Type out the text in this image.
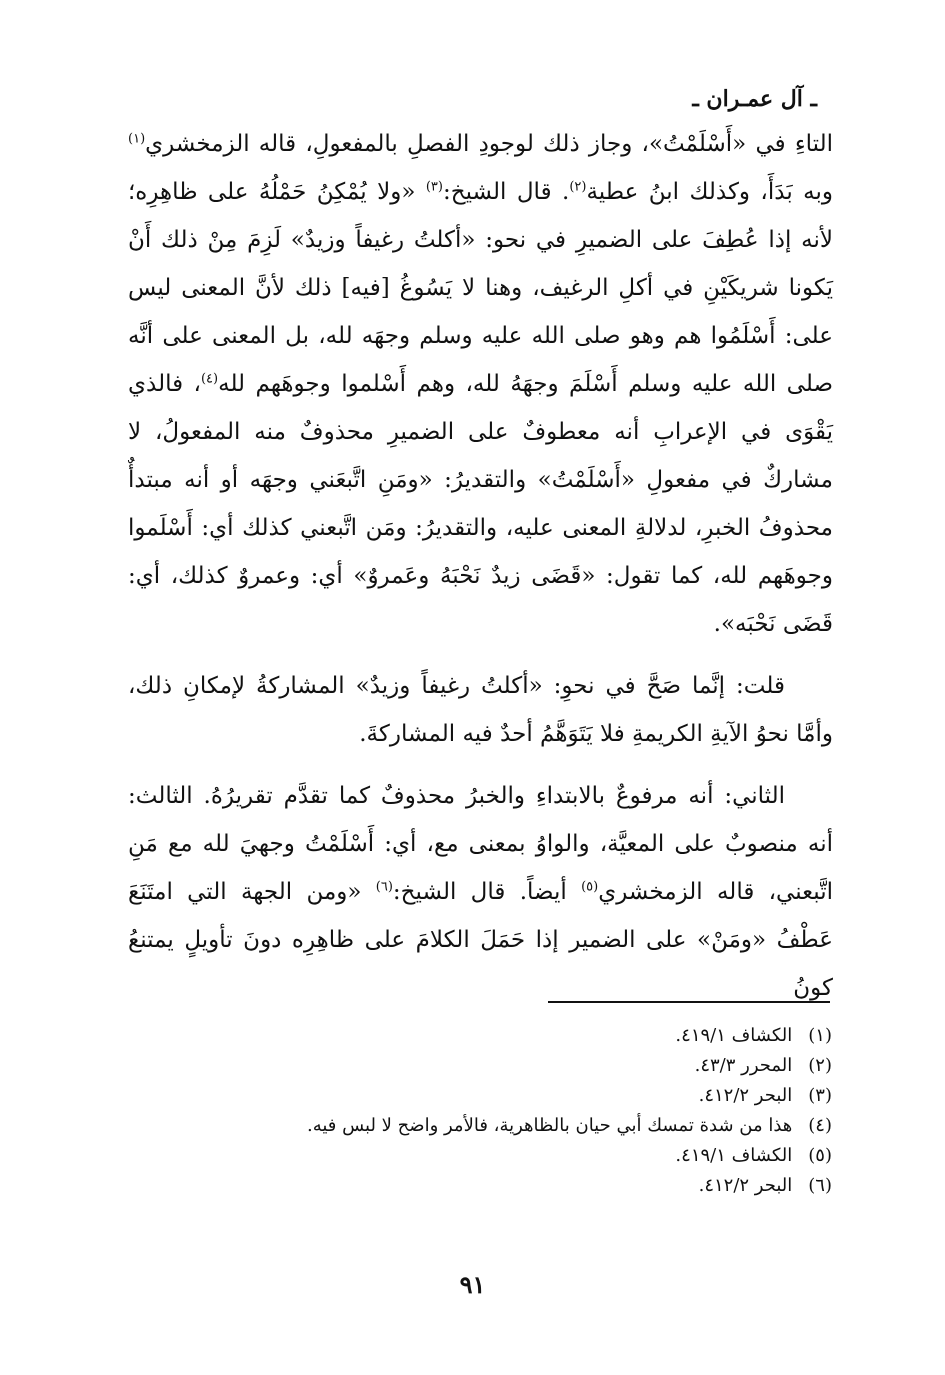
ـ آل عمـران ـ

التاءِ في «أَسْلَمْتُ»، وجاز ذلك لوجودِ الفصلِ بالمفعولِ، قاله الزمخشري$^{(١)}$ وبه بَدَأَ، وكذلك ابنُ عطية$^{(٢)}$. قال الشيخ:$^{(٣)}$ «ولا يُمْكِنُ حَمْلُهُ على ظاهِرِه؛ لأنه إذا عُطِفَ على الضميرِ في نحو: «أكلتُ رغيفاً وزيدٌ» لَزِمَ مِنْ ذلك أَنْ يَكونا شريكَيْنِ في أكلِ الرغيف، وهنا لا يَسُوغُ [فيه] ذلك لأنَّ المعنى ليس على: أَسْلَمُوا هم وهو صلى الله عليه وسلم وجهَه لله، بل المعنى على أنَّه صلى الله عليه وسلم أَسْلَمَ وجهَهُ لله، وهم أَسْلموا وجوهَهم لله$^{(٤)}$، فالذي يَقْوَى في الإعرابِ أنه معطوفٌ على الضميرِ محذوفٌ منه المفعولُ، لا مشاركٌ في مفعولِ «أَسْلَمْتُ» والتقديرُ: «ومَنِ اتَّبعَني وجهَه أو أنه مبتدأٌ محذوفُ الخبرِ، لدلالةِ المعنى عليه، والتقديرُ: ومَن اتَّبعني كذلك أي: أَسْلَموا وجوهَهم لله، كما تقول: «قَضَى زيدٌ نَحْبَهُ وعَمروٌ» أي: وعمروٌ كذلك، أي: قَضَى نَحْبَه».

قلت: إنَّما صَحَّ في نحوِ: «أكلتُ رغيفاً وزيدٌ» المشاركةُ لإمكانِ ذلك، وأمَّا نحوُ الآيةِ الكريمةِ فلا يَتَوَهَّمُ أحدٌ فيه المشاركةَ.

الثاني: أنه مرفوعٌ بالابتداءِ والخبرُ محذوفٌ كما تقدَّم تقريرُهُ. الثالث: أنه منصوبٌ على المعيَّة، والواوُ بمعنى مع، أي: أَسْلَمْتُ وجهيَ لله مع مَنِ اتَّبعني، قاله الزمخشري$^{(٥)}$ أيضاً. قال الشيخ:$^{(٦)}$ «ومن الجهة التي امتَنَعَ عَطْفُ «ومَنْ» على الضمير إذا حَمَلَ الكلامَ على ظاهِرِه دونَ تأويلٍ يمتنعُ كونُ

(١) الكشاف ٤١٩/١.
(٢) المحرر ٤٣/٣.
(٣) البحر ٤١٢/٢.
(٤) هذا من شدة تمسك أبي حيان بالظاهرية، فالأمر واضح لا لبس فيه.
(٥) الكشاف ٤١٩/١.
(٦) البحر ٤١٢/٢.
٩١
